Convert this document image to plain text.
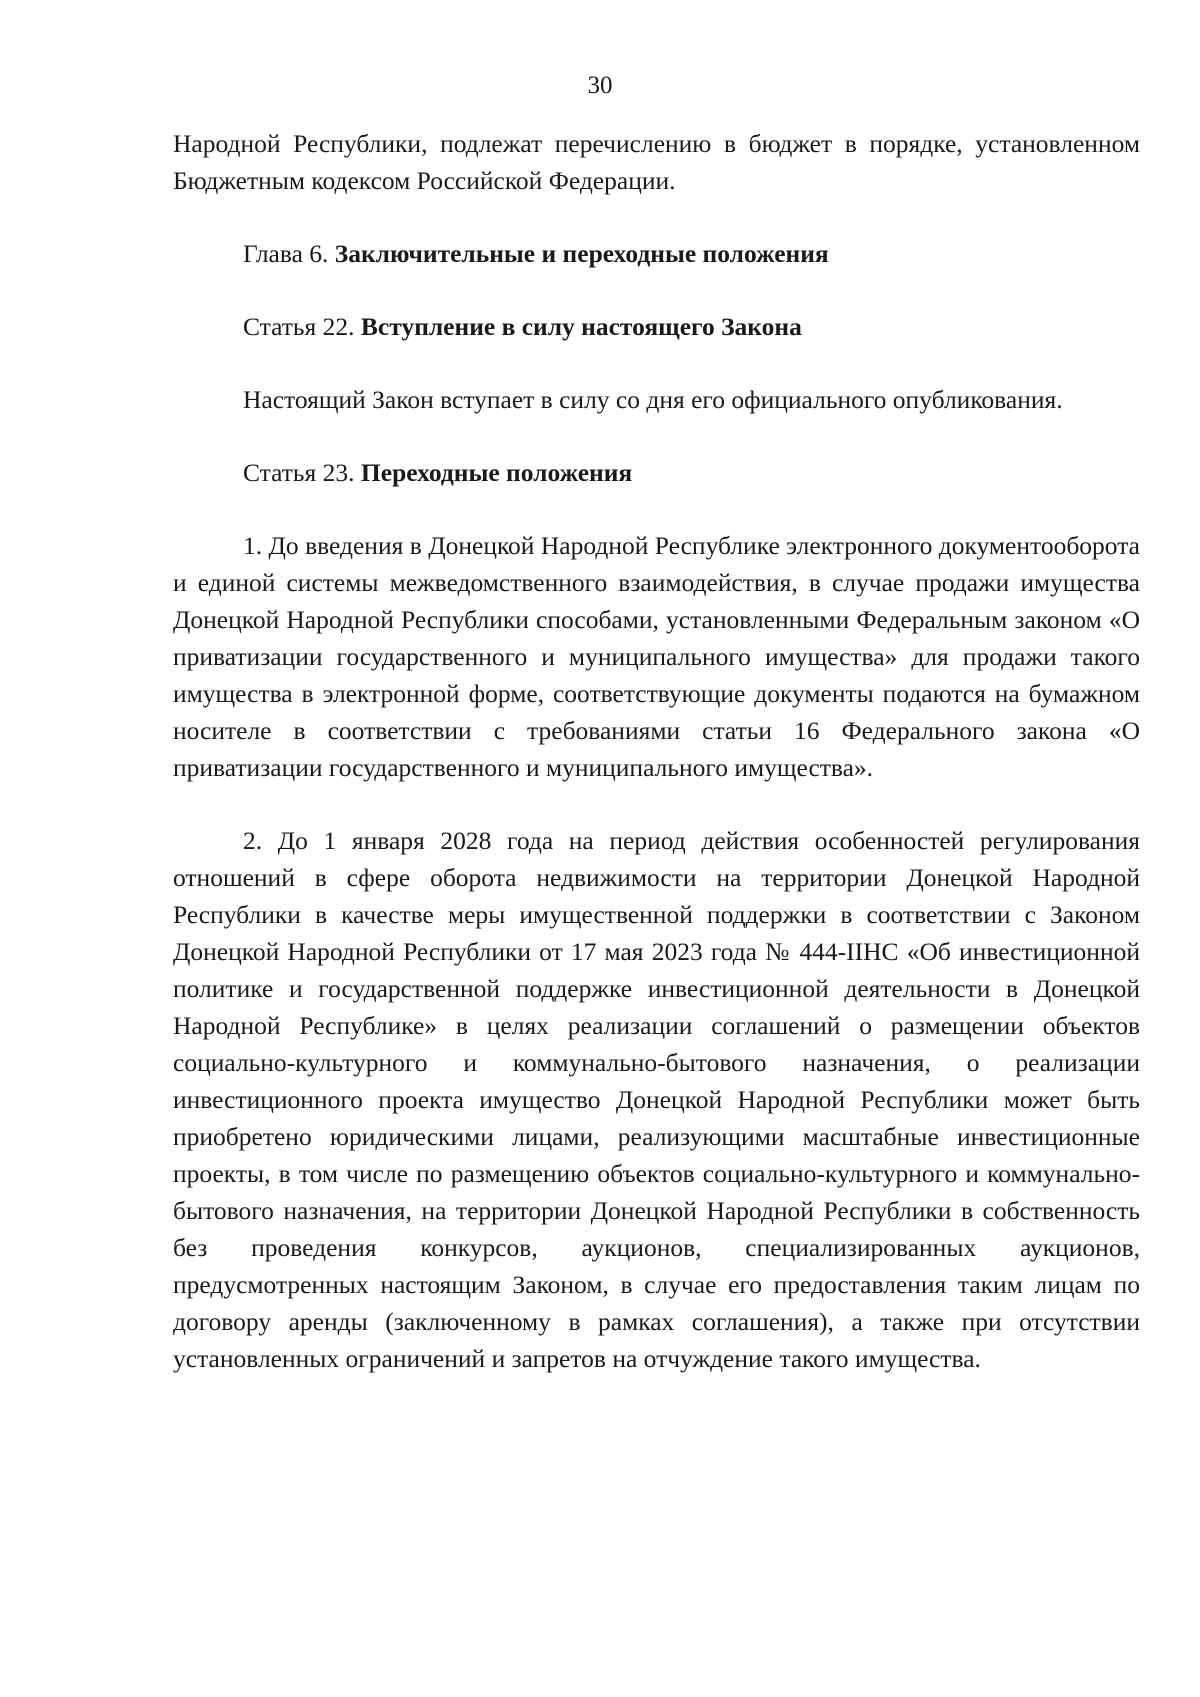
30

Народной Республики, подлежат перечислению в бюджет в порядке, установленном Бюджетным кодексом Российской Федерации.

Глава 6. Заключительные и переходные положения

Статья 22. Вступление в силу настоящего Закона

Настоящий Закон вступает в силу со дня его официального опубликования.

Статья 23. Переходные положения

1. До введения в Донецкой Народной Республике электронного документооборота и единой системы межведомственного взаимодействия, в случае продажи имущества Донецкой Народной Республики способами, установленными Федеральным законом «О приватизации государственного и муниципального имущества» для продажи такого имущества в электронной форме, соответствующие документы подаются на бумажном носителе в соответствии с требованиями статьи 16 Федерального закона «О приватизации государственного и муниципального имущества».

2. До 1 января 2028 года на период действия особенностей регулирования отношений в сфере оборота недвижимости на территории Донецкой Народной Республики в качестве меры имущественной поддержки в соответствии с Законом Донецкой Народной Республики от 17 мая 2023 года № 444-IIНС «Об инвестиционной политике и государственной поддержке инвестиционной деятельности в Донецкой Народной Республике» в целях реализации соглашений о размещении объектов социально-культурного и коммунально-бытового назначения, о реализации инвестиционного проекта имущество Донецкой Народной Республики может быть приобретено юридическими лицами, реализующими масштабные инвестиционные проекты, в том числе по размещению объектов социально-культурного и коммунально-бытового назначения, на территории Донецкой Народной Республики в собственность без проведения конкурсов, аукционов, специализированных аукционов, предусмотренных настоящим Законом, в случае его предоставления таким лицам по договору аренды (заключенному в рамках соглашения), а также при отсутствии установленных ограничений и запретов на отчуждение такого имущества.
